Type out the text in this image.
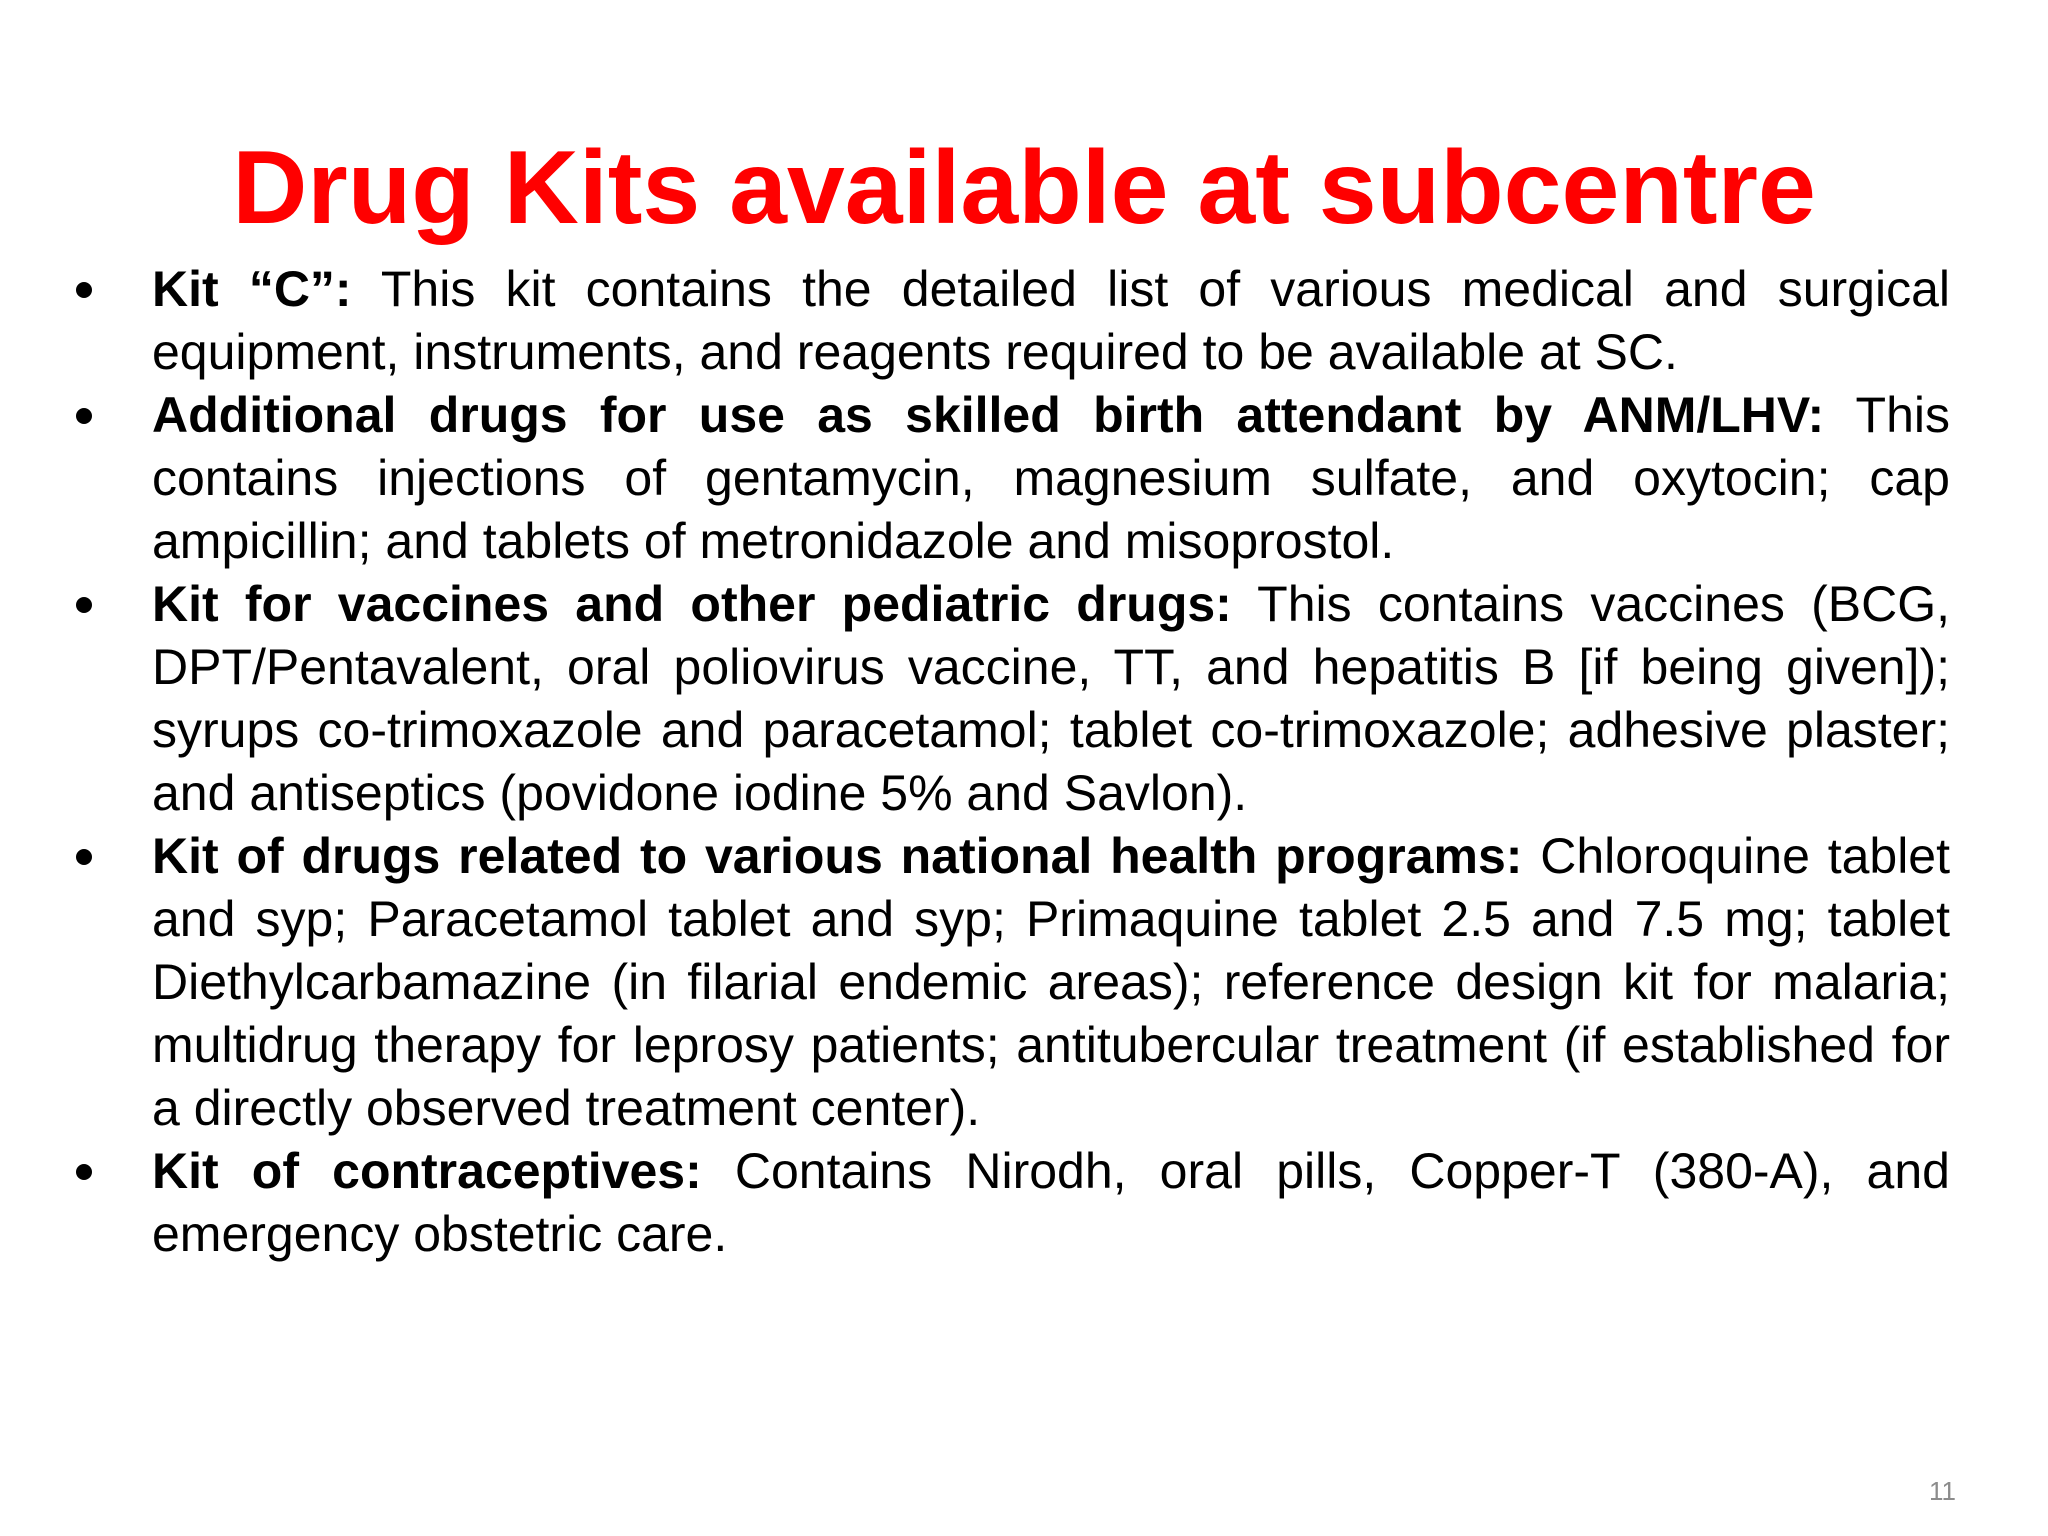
Drug Kits available at subcentre
Kit “C”: This kit contains the detailed list of various medical and surgical equipment, instruments, and reagents required to be available at SC.
Additional drugs for use as skilled birth attendant by ANM/LHV: This contains injections of gentamycin, magnesium sulfate, and oxytocin; cap ampicillin; and tablets of metronidazole and misoprostol.
Kit for vaccines and other pediatric drugs: This contains vaccines (BCG, DPT/Pentavalent, oral poliovirus vaccine, TT, and hepatitis B [if being given]); syrups co-trimoxazole and paracetamol; tablet co-trimoxazole; adhesive plaster; and antiseptics (povidone iodine 5% and Savlon).
Kit of drugs related to various national health programs: Chloroquine tablet and syp; Paracetamol tablet and syp; Primaquine tablet 2.5 and 7.5 mg; tablet Diethylcarbamazine (in filarial endemic areas); reference design kit for malaria; multidrug therapy for leprosy patients; antitubercular treatment (if established for a directly observed treatment center).
Kit of contraceptives: Contains Nirodh, oral pills, Copper-T (380-A), and emergency obstetric care.
11
